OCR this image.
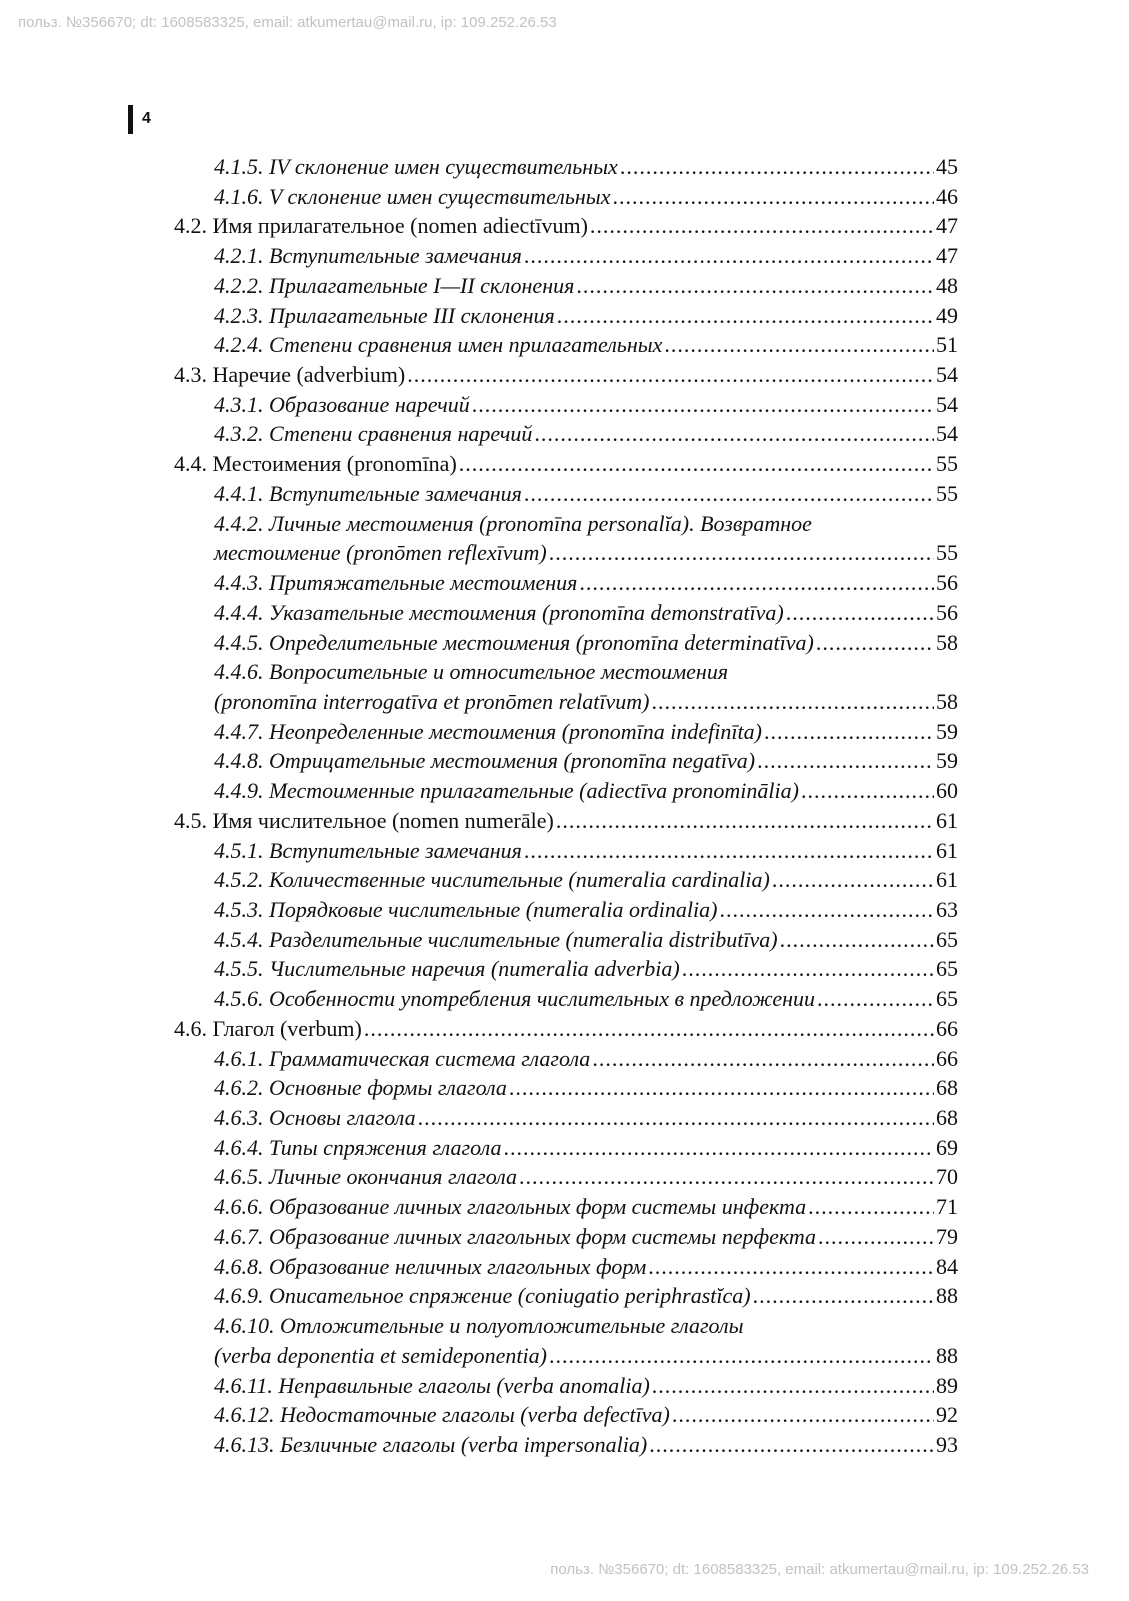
польз. №356670; dt: 1608583325, email: atkumertau@mail.ru, ip: 109.252.26.53
4
4.1.5. IV склонение имен существительных .....	45
4.1.6. V склонение имен существительных .....	46
4.2. Имя прилагательное (nomen adiectīvum) .....	47
4.2.1. Вступительные замечания .....	47
4.2.2. Прилагательные I—II склонения .....	48
4.2.3. Прилагательные III склонения .....	49
4.2.4. Степени сравнения имен прилагательных .....	51
4.3. Наречие (adverbium) .....	54
4.3.1. Образование наречий .....	54
4.3.2. Степени сравнения наречий .....	54
4.4. Местоимения (pronomīna) .....	55
4.4.1. Вступительные замечания .....	55
4.4.2. Личные местоимения (pronomīna personalĭa). Возвратное
местоимение (pronōmen reflexīvum) .....	55
4.4.3. Притяжательные местоимения .....	56
4.4.4. Указательные местоимения (pronomīna demonstratīva) .....	56
4.4.5. Определительные местоимения (pronomīna determinatīva) .....	58
4.4.6. Вопросительные и относительное местоимения
(pronomīna interrogatīva et pronōmen relatīvum) .....	58
4.4.7. Неопределенные местоимения (pronomīna indefinīta) .....	59
4.4.8. Отрицательные местоимения (pronomīna negatīva) .....	59
4.4.9. Местоименные прилагательные (adiectīva pronominālia) .....	60
4.5. Имя числительное (nomen numerāle) .....	61
4.5.1. Вступительные замечания .....	61
4.5.2. Количественные числительные (numeralia cardinalia) .....	61
4.5.3. Порядковые числительные (numeralia ordinalia) .....	63
4.5.4. Разделительные числительные (numeralia distributīva) .....	65
4.5.5. Числительные наречия (numeralia adverbia) .....	65
4.5.6. Особенности употребления числительных в предложении .....	65
4.6. Глагол (verbum) .....	66
4.6.1. Грамматическая система глагола .....	66
4.6.2. Основные формы глагола .....	68
4.6.3. Основы глагола .....	68
4.6.4. Типы спряжения глагола .....	69
4.6.5. Личные окончания глагола .....	70
4.6.6. Образование личных глагольных форм системы инфекта .....	71
4.6.7. Образование личных глагольных форм системы перфекта .....	79
4.6.8. Образование неличных глагольных форм .....	84
4.6.9. Описательное спряжение (coniugatio periphrastĭca) .....	88
4.6.10. Отложительные и полуотложительные глаголы
(verba deponentia et semideponentia) .....	88
4.6.11. Неправильные глаголы (verba anomalia) .....	89
4.6.12. Недостаточные глаголы (verba defectīva) .....	92
4.6.13. Безличные глаголы (verba impersonalia) .....	93
польз. №356670; dt: 1608583325, email: atkumertau@mail.ru, ip: 109.252.26.53
